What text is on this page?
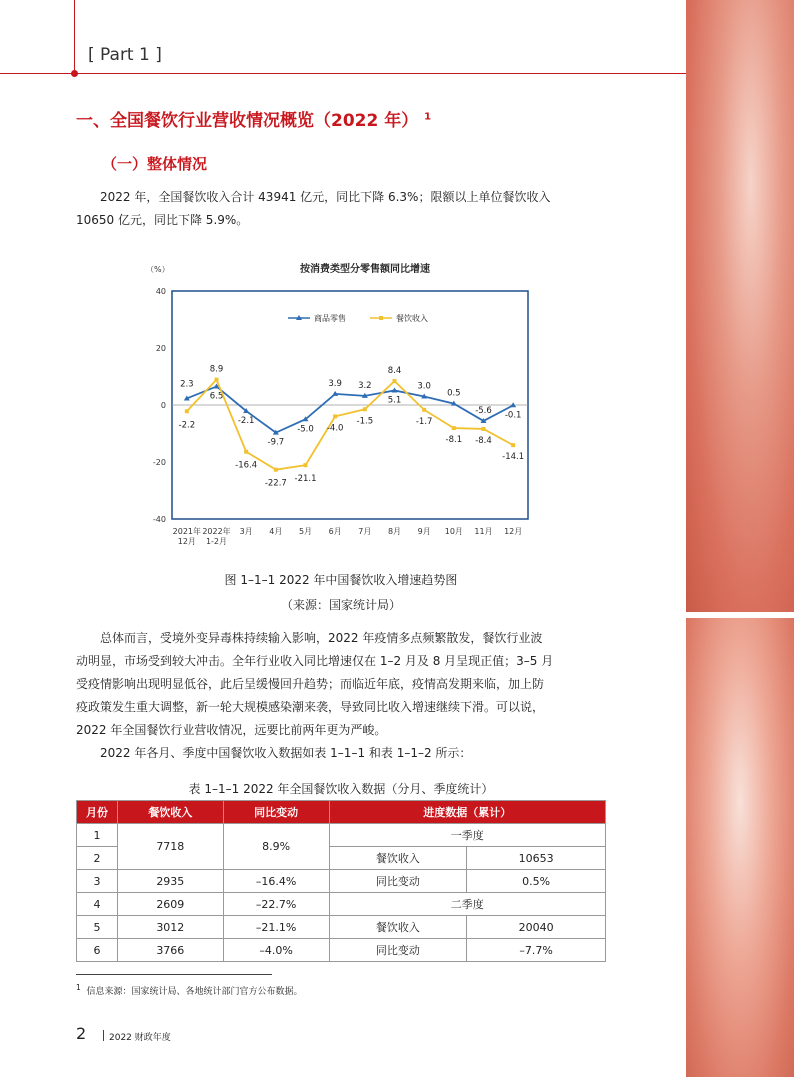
[ Part 1 ]
一、全国餐饮行业营收情况概览（2022 年） $^1$
（一）整体情况
2022 年，全国餐饮收入合计 43941 亿元，同比下降 6.3%；限额以上单位餐饮收入
10650 亿元，同比下降 5.9%。
按消费类型分零售额同比增速
（%）
40
20
0
-20
-40
2021年
12月
2022年
1-2月
3月 4月 5月 6月 7月 8月 9月 10月 11月 12月
商品零售	餐饮收入
2.3
6.5
-2.1
-9.7
-5.0
3.9 3.2
5.1
3.0
0.5
-5.6 -0.1
-2.2
8.9
-16.4
-22.7 -21.1
-4.0
-1.5
8.4
-1.7
-8.1 -8.4
-14.1
图 1–1–1 2022 年中国餐饮收入增速趋势图
（来源：国家统计局）
总体而言，受境外变异毒株持续输入影响，2022 年疫情多点频繁散发，餐饮行业波
动明显，市场受到较大冲击。全年行业收入同比增速仅在 1–2 月及 8 月呈现正值；3–5 月
受疫情影响出现明显低谷，此后呈缓慢回升趋势；而临近年底，疫情高发期来临，加上防
疫政策发生重大调整，新一轮大规模感染潮来袭，导致同比收入增速继续下滑。可以说，
2022 年全国餐饮行业营收情况，远要比前两年更为严峻。
2022 年各月、季度中国餐饮收入数据如表 1–1–1 和表 1–1–2 所示：
表 1–1–1 2022 年全国餐饮收入数据（分月、季度统计）
月份	餐饮收入	同比变动	进度数据（累计）	
1	7718	8.9%	一季度	
2			餐饮收入	10653
3	2935	–16.4%	同比变动	0.5%
4	2609	–22.7%	二季度	
5	3012	–21.1%	餐饮收入	20040
6	3766	–4.0%	同比变动	–7.7%
$^1$ 信息来源：国家统计局、各地统计部门官方公布数据。
2	2022 财政年度
